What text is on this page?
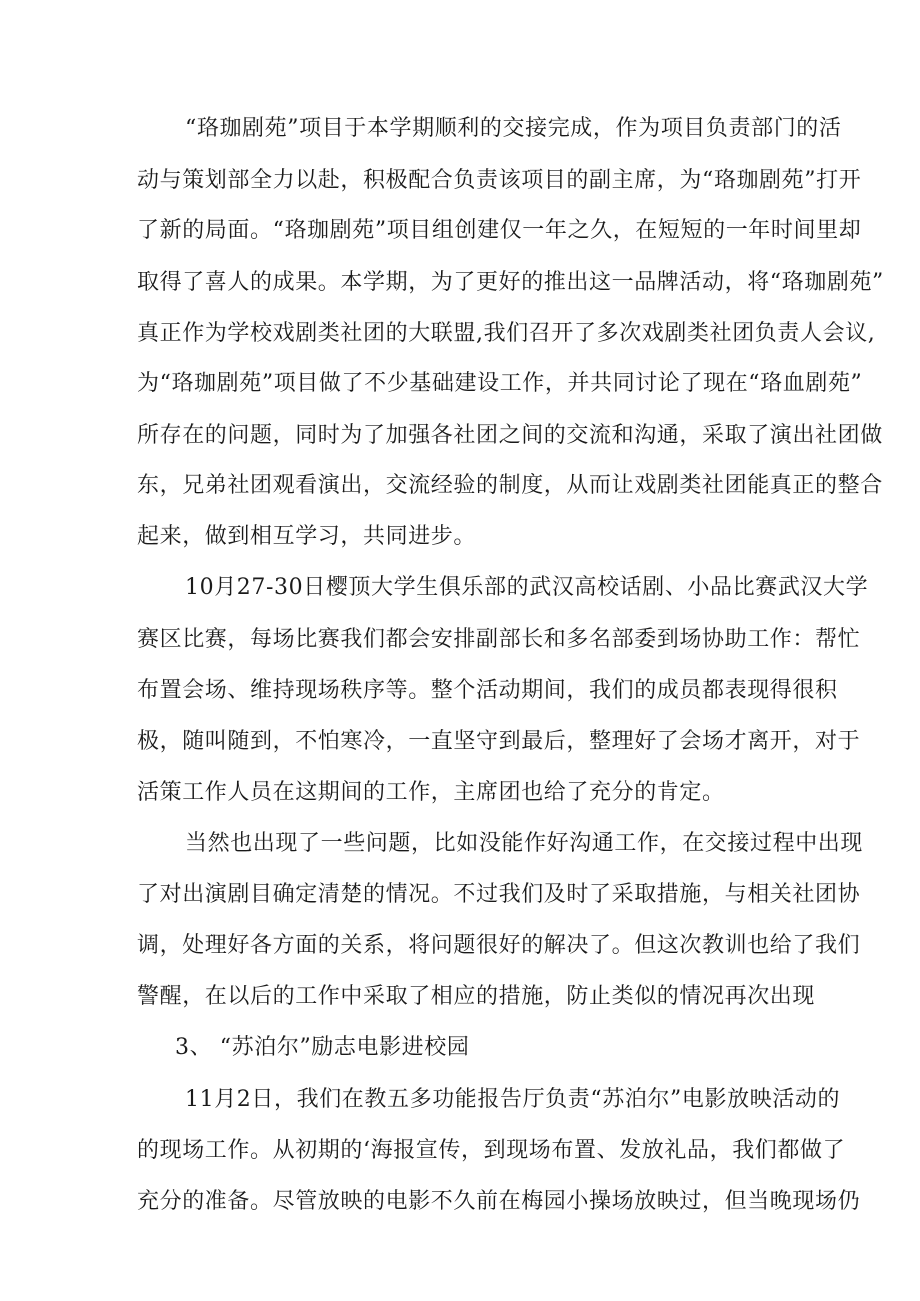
“珞珈剧苑”项目于本学期顺利的交接完成，作为项目负责部门的活
动与策划部全力以赴，积极配合负责该项目的副主席，为“珞珈剧苑”打开
了新的局面。“珞珈剧苑”项目组创建仅一年之久，在短短的一年时间里却
取得了喜人的成果。本学期，为了更好的推出这一品牌活动，将“珞珈剧苑”
真正作为学校戏剧类社团的大联盟,我们召开了多次戏剧类社团负责人会议,
为“珞珈剧苑”项目做了不少基础建设工作，并共同讨论了现在“珞血剧苑”
所存在的问题，同时为了加强各社团之间的交流和沟通，采取了演出社团做
东，兄弟社团观看演出，交流经验的制度，从而让戏剧类社团能真正的整合
起来，做到相互学习，共同进步。
10月27-30日樱顶大学生俱乐部的武汉高校话剧、小品比赛武汉大学
赛区比赛，每场比赛我们都会安排副部长和多名部委到场协助工作：帮忙
布置会场、维持现场秩序等。整个活动期间，我们的成员都表现得很积
极，随叫随到，不怕寒冷，一直坚守到最后，整理好了会场才离开，对于
活策工作人员在这期间的工作，主席团也给了充分的肯定。
当然也出现了一些问题，比如没能作好沟通工作，在交接过程中出现
了对出演剧目确定清楚的情况。不过我们及时了采取措施，与相关社团协
调，处理好各方面的关系，将问题很好的解决了。但这次教训也给了我们
警醒，在以后的工作中采取了相应的措施，防止类似的情况再次出现
3、 “苏泊尔”励志电影进校园
11月2日，我们在教五多功能报告厅负责“苏泊尔”电影放映活动的
的现场工作。从初期的‘海报宣传，到现场布置、发放礼品，我们都做了
充分的准备。尽管放映的电影不久前在梅园小操场放映过，但当晚现场仍
